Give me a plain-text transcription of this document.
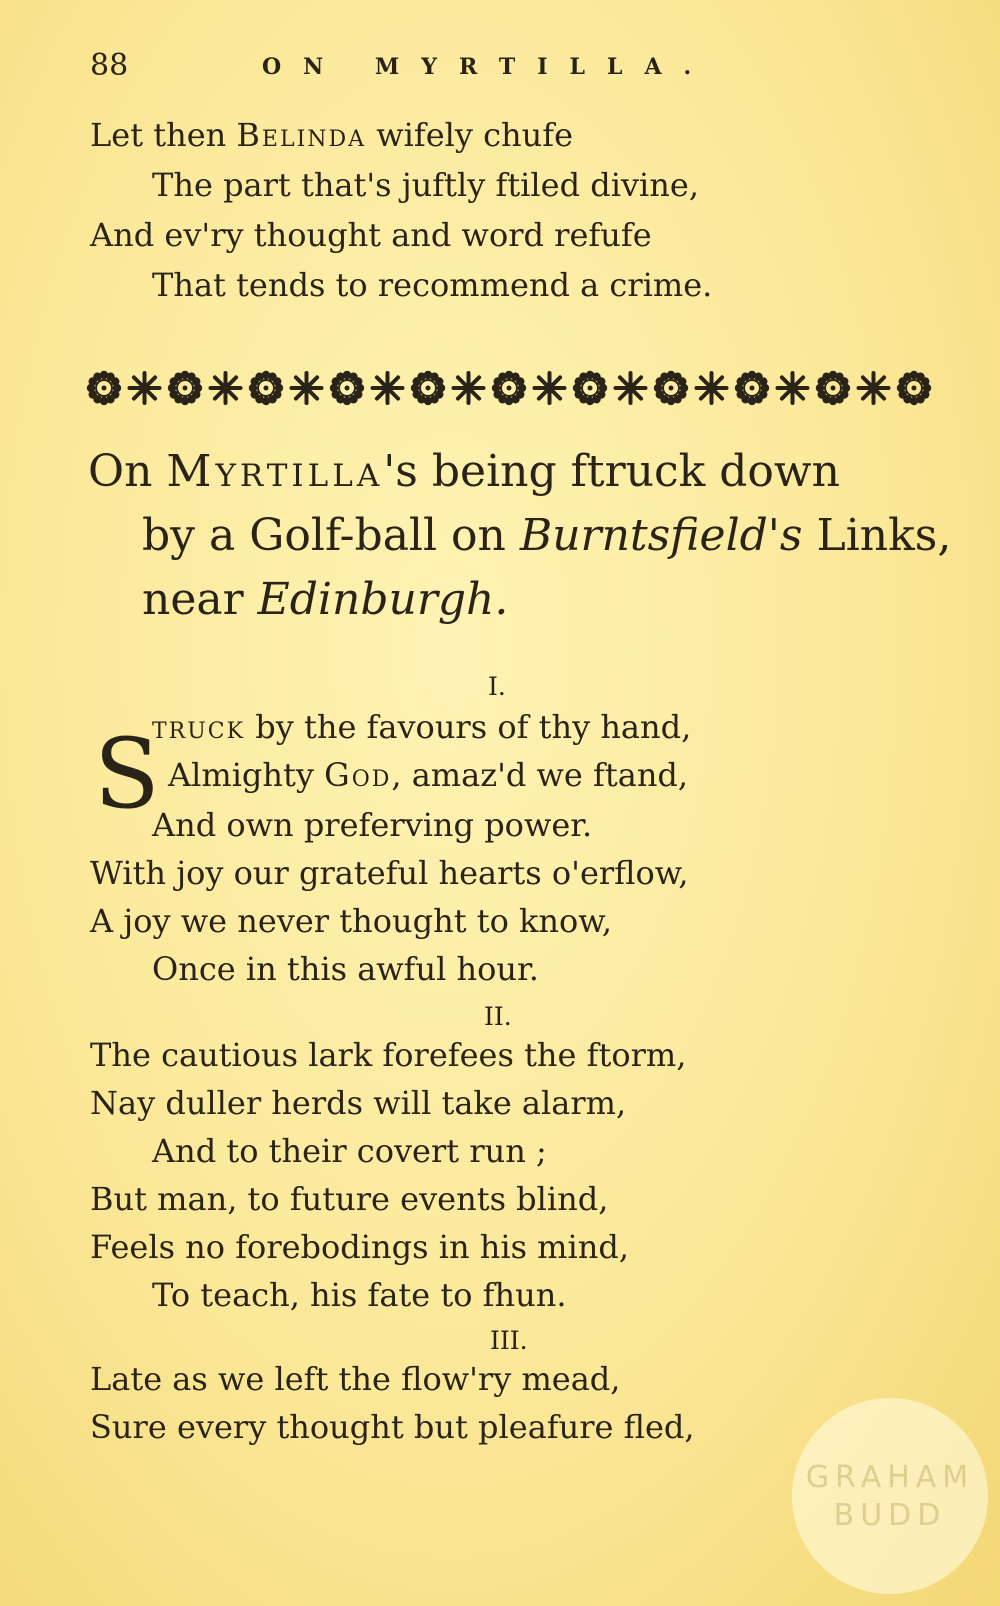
88	ON MYRTILLA.
Let then Belinda wifely chufe
The part that's juftly ftiled divine,
And ev'ry thought and word refufe
That tends to recommend a crime.
On Myrtilla's being ftruck down
by a Golf-ball on Burntsfield's Links,
near Edinburgh.
I.
S
truck by the favours of thy hand,
Almighty God, amaz'd we ftand,
And own preferving power.
With joy our grateful hearts o'erflow,
A joy we never thought to know,
Once in this awful hour.
II.
The cautious lark forefees the ftorm,
Nay duller herds will take alarm,
And to their covert run ;
But man, to future events blind,
Feels no forebodings in his mind,
To teach, his fate to fhun.
III.
Late as we left the flow'ry mead,
Sure every thought but pleafure fled,
GRAHAM
BUDD
